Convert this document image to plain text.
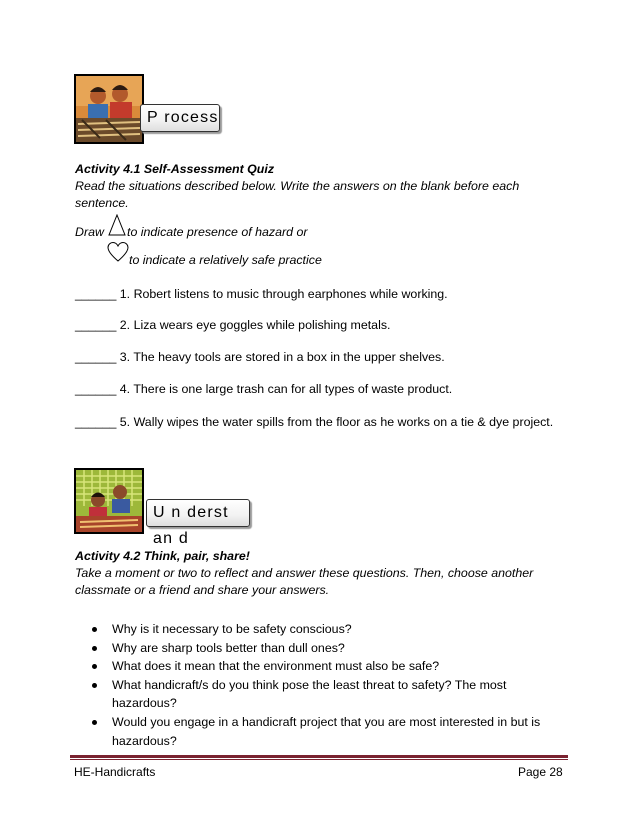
P rocess
Activity 4.1 Self-Assessment Quiz
Read the situations described below. Write the answers on the blank before each
sentence.
Draw to indicate presence of hazard or
to indicate a relatively safe practice
______ 1. Robert listens to music through earphones while working.
______ 2. Liza wears eye goggles while polishing metals.
______ 3. The heavy tools are stored in a box in the upper shelves.
______ 4. There is one large trash can for all types of waste product.
______ 5. Wally wipes the water spills from the floor as he works on a tie & dye project.
U n derst an d
Activity 4.2 Think, pair, share!
Take a moment or two to reflect and answer these questions. Then, choose another
classmate or a friend and share your answers.
Why is it necessary to be safety conscious?
Why are sharp tools better than dull ones?
What does it mean that the environment must also be safe?
What handicraft/s do you think pose the least threat to safety? The most hazardous?
Would you engage in a handicraft project that you are most interested in but is hazardous?
HE-Handicrafts	Page 28
